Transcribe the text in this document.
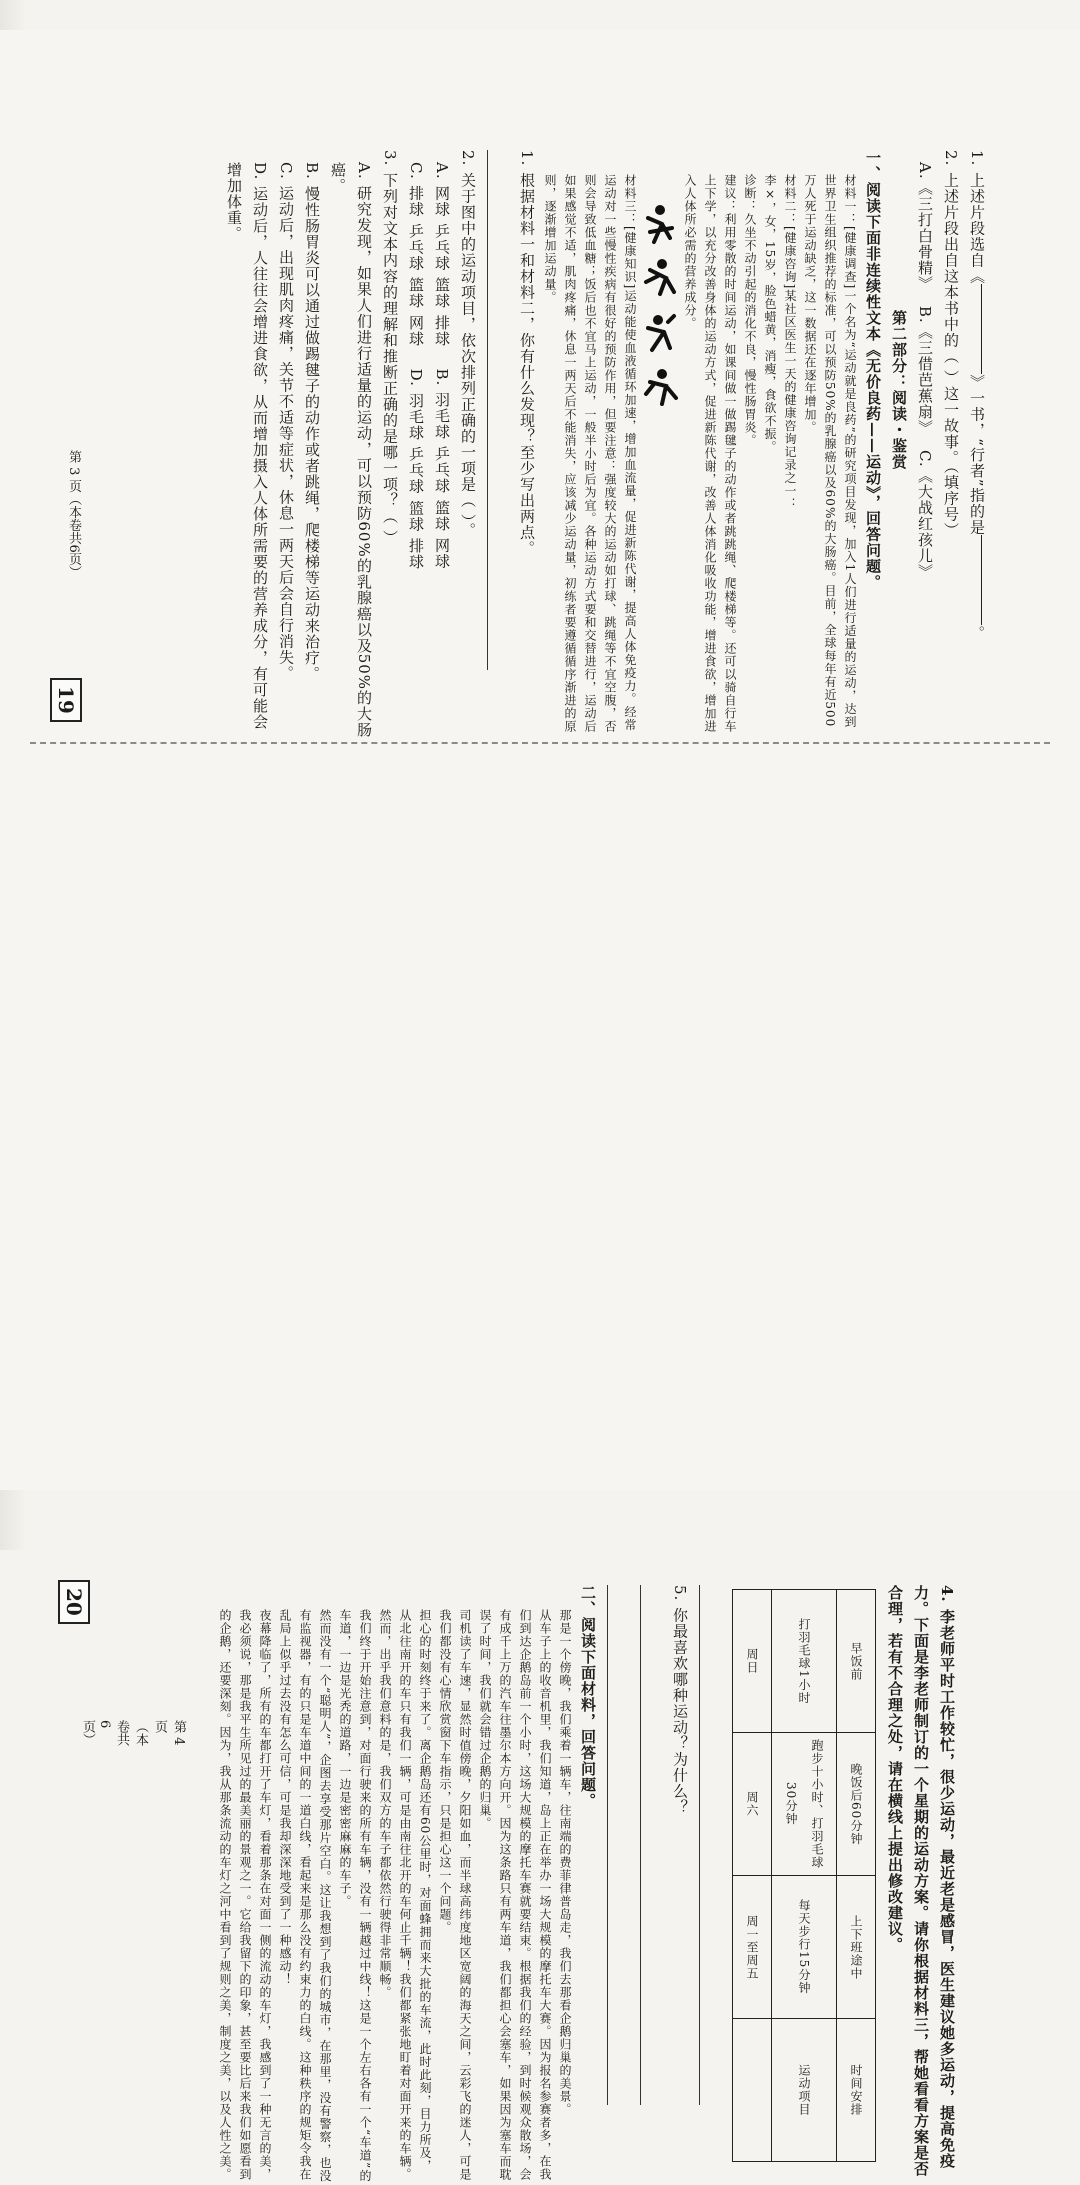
1. 上述片段选自《》一书，“行者”指的是。
2. 上述片段出自这本书中的（ ）这一故事。（填序号）
A.《三打白骨精》　 B.《三借芭蕉扇》　 C.《大战红孩儿》
第二部分：阅读・鉴赏
一、阅读下面非连续性文本《无价良药——运动》，回答问题。
材料一：[健康调查]一个名为“运动就是良药”的研究项目发现，加入1人们进行适量的运动，达到世界卫生组织推荐的标准，可以预防50%的乳腺癌以及60%的大肠癌。目前，全球每年有近500万人死于运动缺乏，这一数据还在逐年增加。
材料二：[健康咨询]某社区医生一天的健康咨询记录之一：
李×，女，15岁，脸色蜡黄，消瘦，食欲不振。
诊断：久坐不动引起的消化不良，慢性肠胃炎。
建议：利用零散的时间运动，如课间做一做踢毽子的动作或者跳跳绳、爬楼梯等。还可以骑自行车上下学，以充分改善身体的运动方式，促进新陈代谢，改善人体消化吸收功能，增进食欲，增加进入人体所必需的营养成分。
材料三：[健康知识]运动能使血液循环加速，增加血流量，促进新陈代谢，提高人体免疫力。经常运动对一些慢性疾病有很好的预防作用，但要注意：强度较大的运动如打球、跳绳等不宜空腹，否则会导致低血糖；饭后也不宜马上运动，一般半小时后为宜。各种运动方式要和交替进行，运动后如果感觉不适，肌肉疼痛，休息一两天后不能消失，应该减少运动量，初练者要遵循循序渐进的原则，逐渐增加运动量。
1. 根据材料一和材料二，你有什么发现？至少写出两点。
2. 关于图中的运动项目，依次排列正确的一项是（ ）。
A. 网球 乒乓球 篮球 排球　 B. 羽毛球 乒乓球 篮球 网球
C. 排球 乒乓球 篮球 网球　 D. 羽毛球 乒乓球 篮球 排球
3. 下列对文本内容的理解和推断正确的是哪一项？（ ）
A. 研究发现，如果人们进行适量的运动，可以预防60%的乳腺癌以及50%的大肠癌。
B. 慢性肠胃炎可以通过做踢毽子的动作或者跳绳，爬楼梯等运动来治疗。
C. 运动后，出现肌肉疼痛，关节不适等症状，休息一两天后会自行消失。
D. 运动后，人往往会增进食欲，从而增加摄入人体所需要的营养成分，有可能会增加体重。
第 3 页（本卷共6页）
19
4. 李老师平时工作较忙，很少运动，最近老是感冒，医生建议她多运动，提高免疫力。下面是李老师制订的一个星期的运动方案。请你根据材料三，帮她看看方案是否合理，若有不合理之处，请在横线上提出修改建议。
周日	打羽毛球1小时	早饭前
周六	跑步十小时、打羽毛球30分钟	晚饭后60分钟
周一至周五	每天步行15分钟	上下班途中
	运动项目	时间安排

5. 你最喜欢哪种运动？为什么？

二、阅读下面材料，回答问题。
那是一个傍晚，我们乘着一辆车，往南端的费菲律普岛走，我们去那看企鹅归巢的美景。
从车子上的收音机里，我们知道，岛上正在举办一场大规模的摩托车大赛。因为报名参赛者多，在我们到达企鹅岛前一个小时，这场大规模的摩托车赛就要结束。根据我们的经验，到时候观众散场，会有成千上万的汽车往墨尔本方向开。因为这条路只有两车道，我们都担心会塞车，如果因为塞车而耽误了时间，我们就会错过企鹅的归巢。
司机读了车速，显然时值傍晚，夕阳如血，而半球高纬度地区宽阔的海天之间，云彩飞的迷人，可是我们都没有心情欣赏窗下车指示，只是担心这一个问题。
担心的时刻终于来了。离企鹅岛还有60公里时，对面蜂拥而来大批的车流，此时此刻，目力所及，从北往南开的车只有我们一辆，可是由南往北开的车何止千辆！我们都紧张地盯着对面开来的车辆。然而，出乎我们意料的是，我们双方的车子都依然行驶得非常顺畅。
我们终于开始注意到，对面行驶来的所有车辆，没有一辆越过中线！这是一个左右各有一个“车道”的车道，一边是光秃的道路，一边是密密麻麻的车子。
然而没有一个“聪明人”，企图去享受那片空白。这让我想到了我们的城市，在那里，没有警察，也没有监视器，有的只是车道中间的一道白线，看起来是那么没有约束力的白线。这种秩序的规矩令我在乱局上似乎过去没有怎么可信，可是我却深深地受到了一种感动！
夜幕降临了，所有的车都打开了车灯，看着那条在对面一侧的流动的车灯，我感到了一种无言的美，我必须说，那是我平生所见过的最美丽的景观之一。它给我留下的印象，甚至要比后来我们如愿看到的企鹅，还要深刻。因为，我从那条流动的车灯之河中看到了规则之美，制度之美，以及人性之美。
第 4 页（本卷共6页）
20
